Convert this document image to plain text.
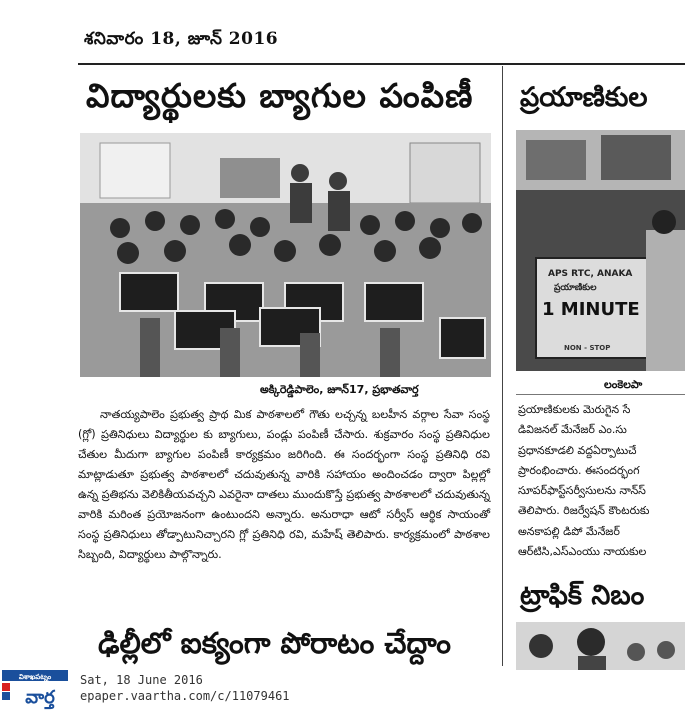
శనివారం 18, జూన్ 2016
విద్యార్థులకు బ్యాగుల పంపిణీ
అక్కిరెడ్డిపాలెం, జూన్17, ప్రభాతవార్త

నాతయ్యపాలెం ప్రభుత్వ ప్రాథ మిక పాఠశాలలో గౌతు లచ్చన్న బలహీన వర్గాల సేవా సంస్థ (గ్లో) ప్రతినిధులు విద్యార్థుల కు బ్యాగులు, పండ్లు పంపిణీ చేసారు. శుక్రవారం సంస్థ ప్రతినిధుల చేతుల మీదుగా బ్యాగుల పంపిణీ కార్యక్రమం జరిగింది. ఈ సందర్భంగా సంస్థ ప్రతినిధి రవి మాట్లాడుతూ ప్రభుత్వ పాఠశాలలో చదువుతున్న వారికి సహాయం అందించడం ద్వారా పిల్లల్లో ఉన్న ప్రతిభను వెలికితీయవచ్చని ఎవరైనా దాతలు ముందుకొస్తే ప్రభుత్వ పాఠశాలలో చదువుతున్న వారికి మరింత ప్రయోజనంగా ఉంటుందని అన్నారు. అనురాధా ఆటో సర్వీస్ ఆర్థిక సాయంతో సంస్థ ప్రతినిధులు తోడ్పాటునిచ్చారని గ్లో ప్రతినిధి రవి, మహేష్ తెలిపారు. కార్యక్రమంలో పాఠశాల సిబ్బంది, విద్యార్థులు పాల్గొన్నారు.

ఢిల్లీలో ఐక్యంగా పోరాటం చేద్దాం
ప్రయాణికుల
APS RTC, ANAKA
ప్రయాణికుల
1 MINUTE
NON - STOP
లంకెలపా
ప్రయాణికులకు మెరుగైన సే
డివిజనల్ మేనేజర్ ఎం.సు
ప్రధానకూడలి వద్దఏర్పాటుచే
ప్రారంభించారు. ఈసందర్భంగ
సూపర్‌ఫాస్ట్‌సర్వీసులను నాన్‌స్
తెలిపారు. రిజర్వేషన్ కౌంటరుకు
అనకాపల్లి డిపో మేనేజర్
ఆర్‌టిసి,ఎస్ఎంయు నాయకుల
ట్రాఫిక్ నిబం
విశాఖపట్నం
వార్త
Sat, 18 June 2016
epaper.vaartha.com/c/11079461
